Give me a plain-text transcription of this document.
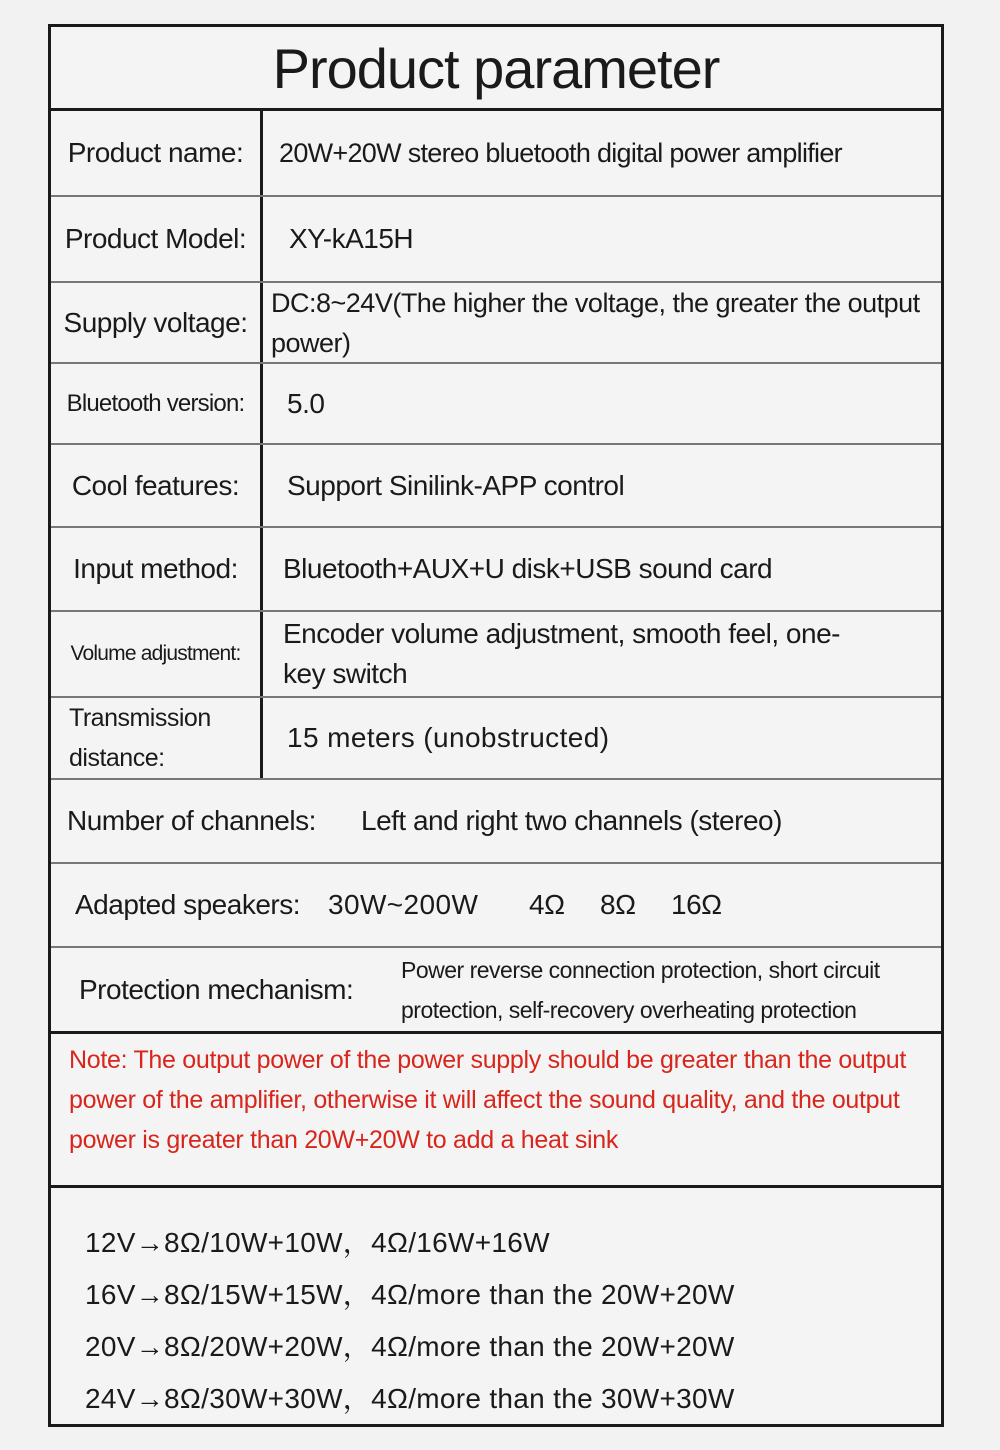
Product parameter
Product name:	20W+20W stereo bluetooth digital power amplifier
Product Model:	XY-kA15H
Supply voltage:
DC:8~24V(The higher the voltage, the greater the output power)
Bluetooth version:	5.0
Cool features:	Support Sinilink-APP control
Input method:	Bluetooth+AUX+U disk+USB sound card
Volume adjustment:
Encoder volume adjustment, smooth feel, one-key switch
Transmission distance:
15 meters (unobstructed)
Number of channels:	Left and right two channels (stereo)
Adapted speakers:	30W~200W	4Ω	8Ω	16Ω
Protection mechanism:
Power reverse connection protection, short circuit protection, self-recovery overheating protection
Note: The output power of the power supply should be greater than the output power of the amplifier, otherwise it will affect the sound quality, and the output power is greater than 20W+20W to add a heat sink
12V→8Ω/10W+10W，4Ω/16W+16W
16V→8Ω/15W+15W，4Ω/more than the 20W+20W
20V→8Ω/20W+20W，4Ω/more than the 20W+20W
24V→8Ω/30W+30W，4Ω/more than the 30W+30W
